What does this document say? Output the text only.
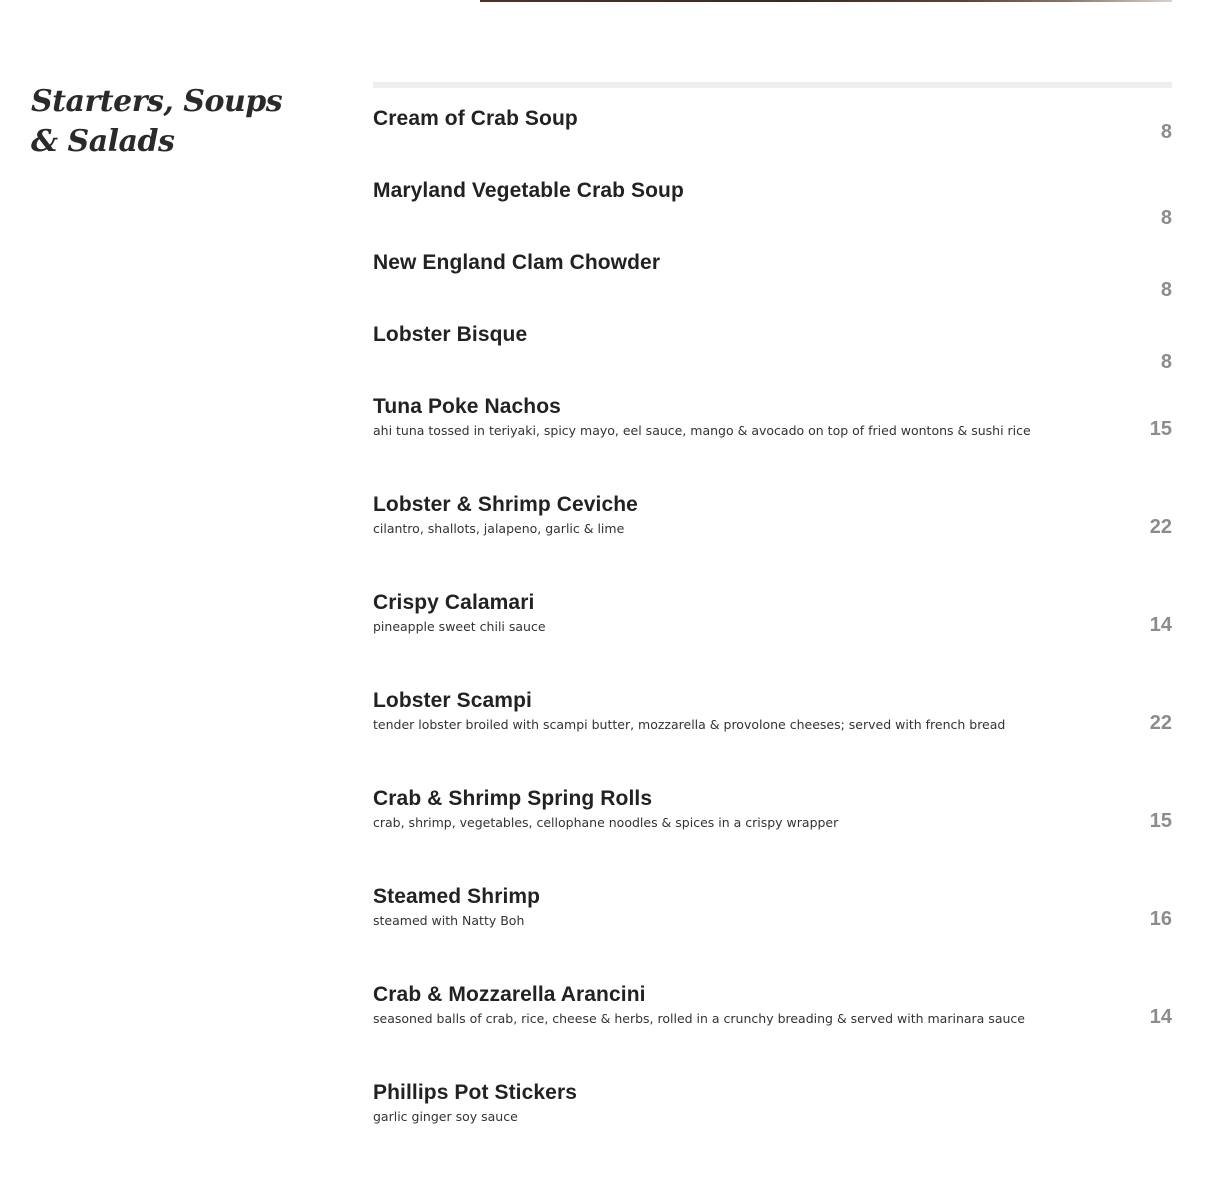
Starters, Soups
& Salads
Cream of Crab Soup
8
Maryland Vegetable Crab Soup
8
New England Clam Chowder
8
Lobster Bisque
8
Tuna Poke Nachos
ahi tuna tossed in teriyaki, spicy mayo, eel sauce, mango & avocado on top of fried wontons & sushi rice	15
Lobster & Shrimp Ceviche
cilantro, shallots, jalapeno, garlic & lime	22
Crispy Calamari
pineapple sweet chili sauce	14
Lobster Scampi
tender lobster broiled with scampi butter, mozzarella & provolone cheeses; served with french bread	22
Crab & Shrimp Spring Rolls
crab, shrimp, vegetables, cellophane noodles & spices in a crispy wrapper	15
Steamed Shrimp
steamed with Natty Boh	16
Crab & Mozzarella Arancini
seasoned balls of crab, rice, cheese & herbs, rolled in a crunchy breading & served with marinara sauce	14
Phillips Pot Stickers
garlic ginger soy sauce
